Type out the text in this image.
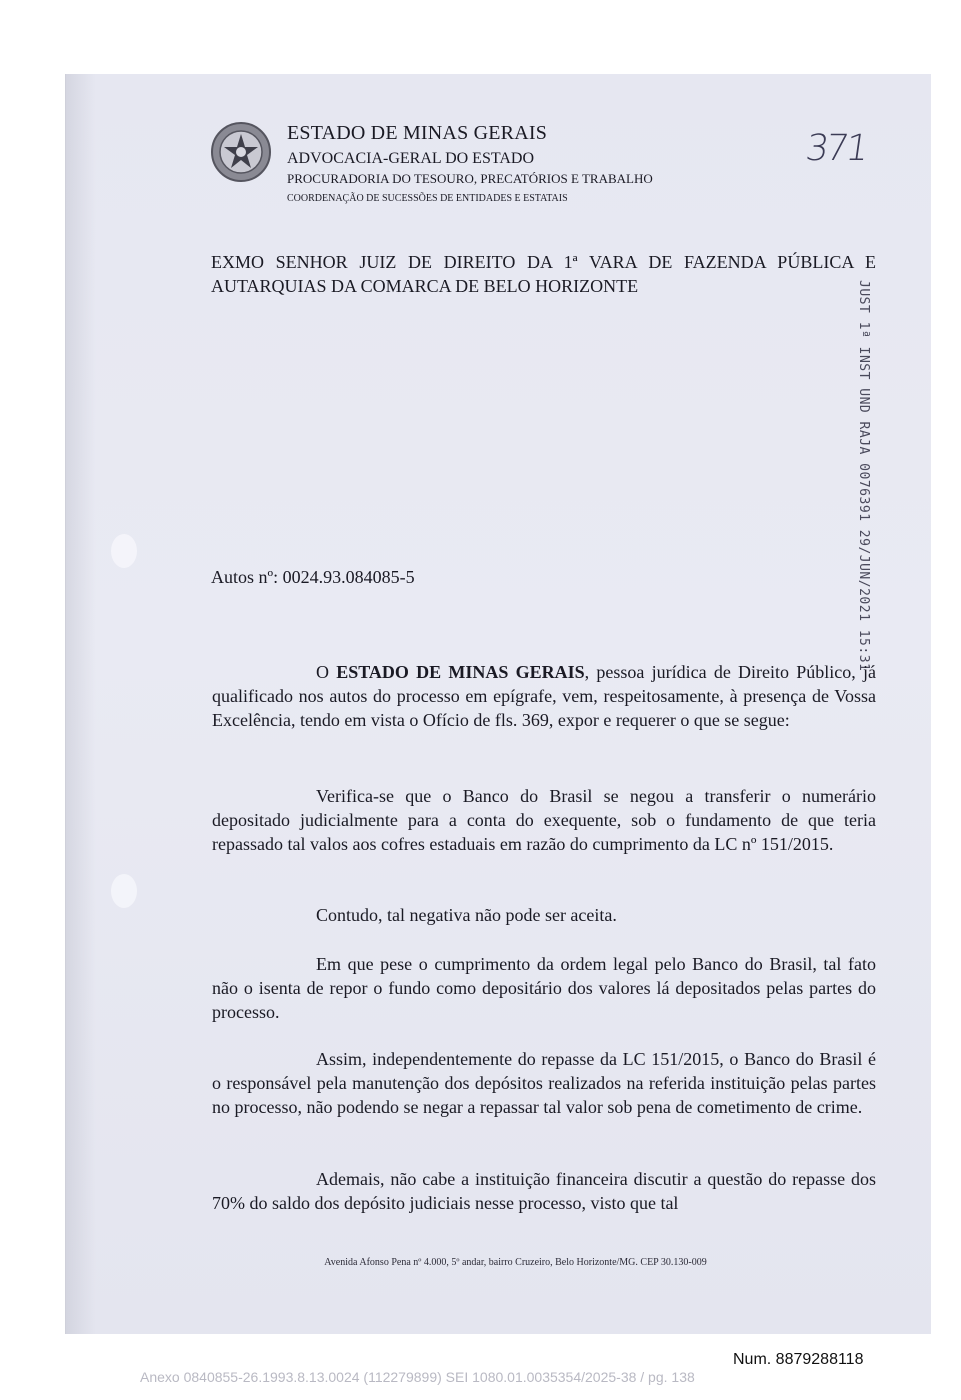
ESTADO DE MINAS GERAIS
ADVOCACIA-GERAL DO ESTADO
PROCURADORIA DO TESOURO, PRECATÓRIOS E TRABALHO
COORDENAÇÃO DE SUCESSÕES DE ENTIDADES E ESTATAIS
371
JUST 1ª INST UND RAJA 0076391 29/JUN/2021 15:31
EXMO SENHOR JUIZ DE DIREITO DA 1ª VARA DE FAZENDA PÚBLICA E AUTARQUIAS DA COMARCA DE BELO HORIZONTE
Autos nº: 0024.93.084085-5

O ESTADO DE MINAS GERAIS, pessoa jurídica de Direito Público, já qualificado nos autos do processo em epígrafe, vem, respeitosamente, à presença de Vossa Excelência, tendo em vista o Ofício de fls. 369, expor e requerer o que se segue:

Verifica-se que o Banco do Brasil se negou a transferir o numerário depositado judicialmente para a conta do exequente, sob o fundamento de que teria repassado tal valos aos cofres estaduais em razão do cumprimento da LC nº 151/2015.

Contudo, tal negativa não pode ser aceita.

Em que pese o cumprimento da ordem legal pelo Banco do Brasil, tal fato não o isenta de repor o fundo como depositário dos valores lá depositados pelas partes do processo.

Assim, independentemente do repasse da LC 151/2015, o Banco do Brasil é o responsável pela manutenção dos depósitos realizados na referida instituição pelas partes no processo, não podendo se negar a repassar tal valor sob pena de cometimento de crime.

Ademais, não cabe a instituição financeira discutir a questão do repasse dos 70% do saldo dos depósito judiciais nesse processo, visto que tal

Avenida Afonso Pena nº 4.000, 5º andar, bairro Cruzeiro, Belo Horizonte/MG. CEP 30.130-009
Num. 8879288118
Anexo 0840855-26.1993.8.13.0024 (112279899) SEI 1080.01.0035354/2025-38 / pg. 138
